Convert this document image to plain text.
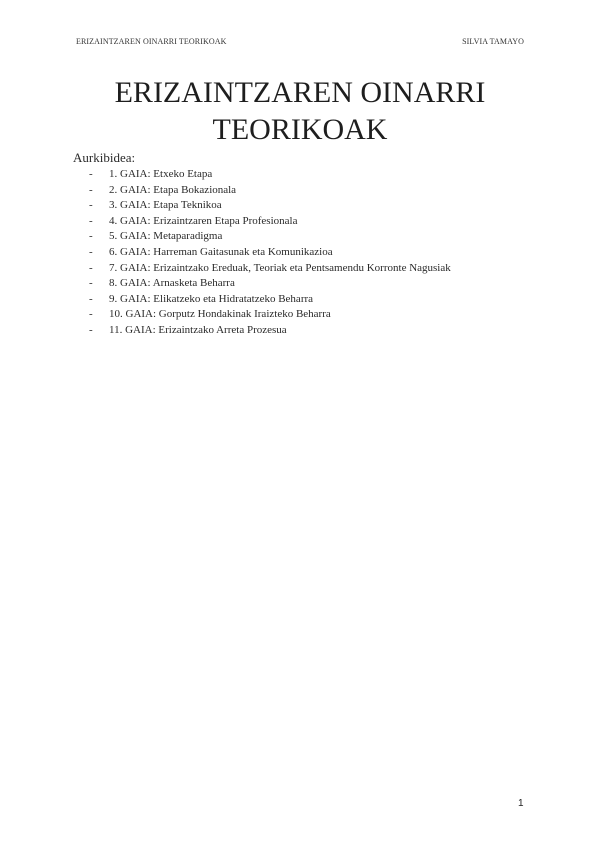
ERIZAINTZAREN OINARRI TEORIKOAK	SILVIA TAMAYO
ERIZAINTZAREN OINARRI
TEORIKOAK
Aurkibidea:
-	1. GAIA: Etxeko Etapa
-	2. GAIA: Etapa Bokazionala
-	3. GAIA: Etapa Teknikoa
-	4. GAIA: Erizaintzaren Etapa Profesionala
-	5. GAIA: Metaparadigma
-	6. GAIA: Harreman Gaitasunak eta Komunikazioa
-	7. GAIA: Erizaintzako Ereduak, Teoriak eta Pentsamendu Korronte Nagusiak
-	8. GAIA: Arnasketa Beharra
-	9. GAIA: Elikatzeko eta Hidratatzeko Beharra
-	10. GAIA: Gorputz Hondakinak Iraizteko Beharra
-	11. GAIA: Erizaintzako Arreta Prozesua
1
